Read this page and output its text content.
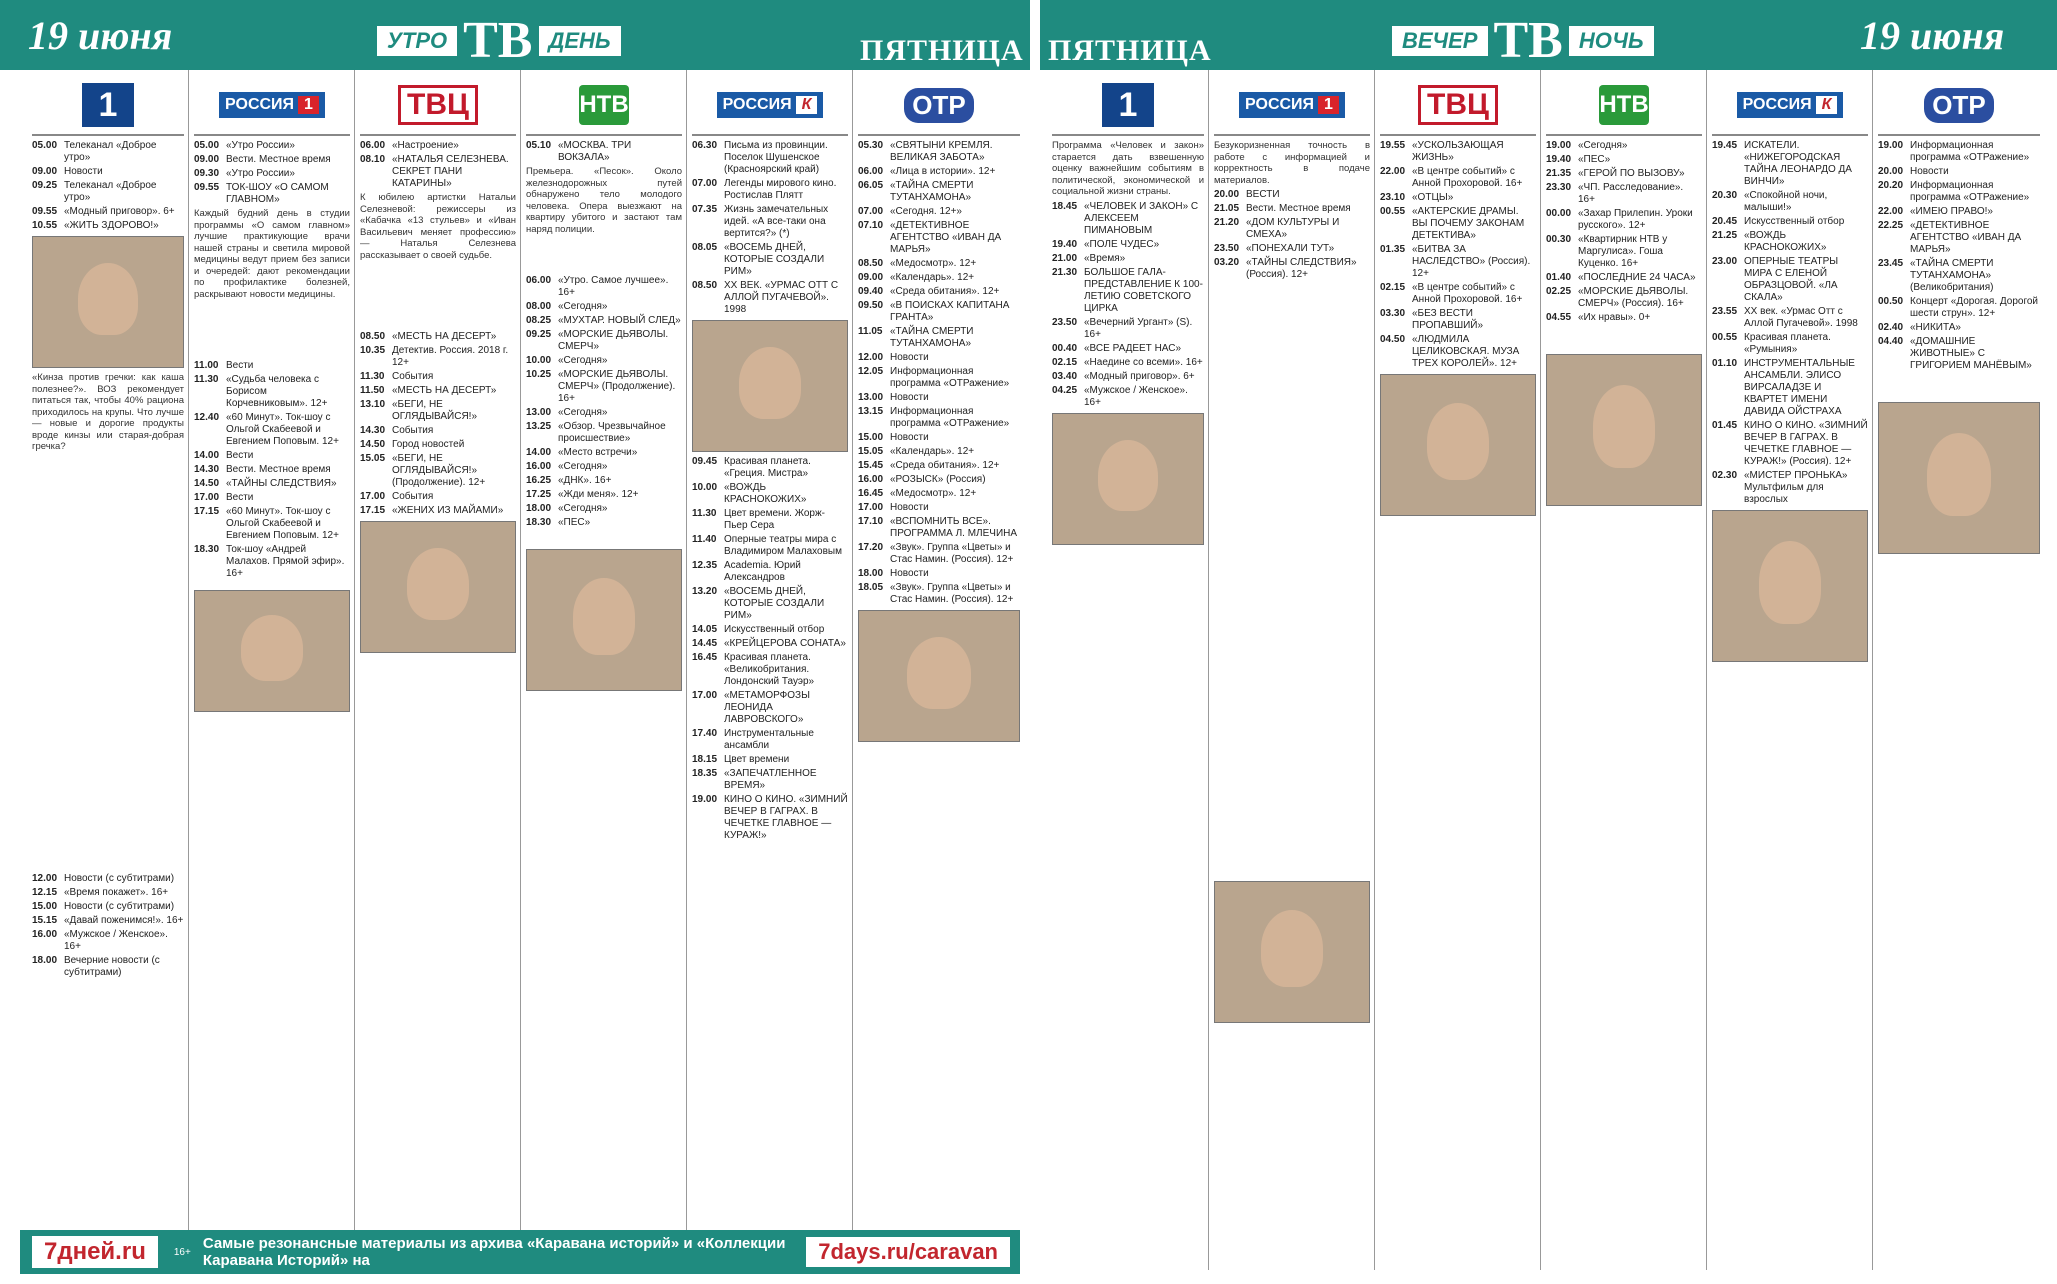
19 июня	УТРО ТВ ДЕНЬ	ПЯТНИЦА ПЯТНИЦА	ВЕЧЕР ТВ НОЧЬ	19 июня
1
05.00 Телеканал «Доброе утро»
09.00 Новости
09.25 Телеканал «Доброе утро»
09.55 «Модный приговор». 6+
10.55 «ЖИТЬ ЗДОРОВО!»
«Кинза против гречки: как каша полезнее?». ВОЗ рекомендует питаться так, чтобы 40% рациона приходилось на крупы. Что лучше — новые и дорогие продукты вроде кинзы или старая-добрая гречка?
12.00 Новости (с субтитрами)
12.15 «Время покажет». 16+
15.00 Новости (с субтитрами)
15.15 «Давай поженимся!». 16+
16.00 «Мужское / Женское». 16+
18.00 Вечерние новости (с субтитрами)
РОССИЯ 1
05.00 «Утро России»
09.00 Вести. Местное время
09.30 «Утро России»
09.55 ТОК-ШОУ «О САМОМ ГЛАВНОМ»
Каждый будний день в студии программы «О самом главном» лучшие практикующие врачи нашей страны и светила мировой медицины ведут прием без записи и очередей: дают рекомендации по профилактике болезней, раскрывают новости медицины.
11.00 Вести
11.30 «Судьба человека с Борисом Корчевниковым». 12+
12.40 «60 Минут». Ток-шоу с Ольгой Скабеевой и Евгением Поповым. 12+
14.00 Вести
14.30 Вести. Местное время
14.50 «ТАЙНЫ СЛЕДСТВИЯ»
17.00 Вести
17.15 «60 Минут». Ток-шоу с Ольгой Скабеевой и Евгением Поповым. 12+
18.30 Ток-шоу «Андрей Малахов. Прямой эфир». 16+
ТВЦ
06.00 «Настроение»
08.10 «НАТАЛЬЯ СЕЛЕЗНЕВА. СЕКРЕТ ПАНИ КАТАРИНЫ»
К юбилею артистки Натальи Селезневой: режиссеры из «Кабачка «13 стульев» и «Иван Васильевич меняет профессию» — Наталья Селезнева рассказывает о своей судьбе.
08.50 «МЕСТЬ НА ДЕСЕРТ»
10.35 Детектив. Россия. 2018 г. 12+
11.30 События
11.50 «МЕСТЬ НА ДЕСЕРТ»
13.10 «БЕГИ, НЕ ОГЛЯДЫВАЙСЯ!»
14.30 События
14.50 Город новостей
15.05 «БЕГИ, НЕ ОГЛЯДЫВАЙСЯ!» (Продолжение). 12+
17.00 События
17.15 «ЖЕНИХ ИЗ МАЙАМИ»
НТВ
05.10 «МОСКВА. ТРИ ВОКЗАЛА»
Премьера. «Песок». Около железнодорожных путей обнаружено тело молодого человека. Опера выезжают на квартиру убитого и застают там наряд полиции.
06.00 «Утро. Самое лучшее». 16+
08.00 «Сегодня»
08.25 «МУХТАР. НОВЫЙ СЛЕД»
09.25 «МОРСКИЕ ДЬЯВОЛЫ. СМЕРЧ»
10.00 «Сегодня»
10.25 «МОРСКИЕ ДЬЯВОЛЫ. СМЕРЧ» (Продолжение). 16+
13.00 «Сегодня»
13.25 «Обзор. Чрезвычайное происшествие»
14.00 «Место встречи»
16.00 «Сегодня»
16.25 «ДНК». 16+
17.25 «Жди меня». 12+
18.00 «Сегодня»
18.30 «ПЕС»
РОССИЯ К
06.30 Письма из провинции. Поселок Шушенское (Красноярский край)
07.00 Легенды мирового кино. Ростислав Плятт
07.35 Жизнь замечательных идей. «А все-таки она вертится?» (*)
08.05 «ВОСЕМЬ ДНЕЙ, КОТОРЫЕ СОЗДАЛИ РИМ»
08.50 ХХ ВЕК. «УРМАС ОТТ С АЛЛОЙ ПУГАЧЕВОЙ». 1998
09.45 Красивая планета. «Греция. Мистра»
10.00 «ВОЖДЬ КРАСНОКОЖИХ»
11.30 Цвет времени. Жорж-Пьер Сера
11.40 Оперные театры мира с Владимиром Малаховым
12.35 Academia. Юрий Александров
13.20 «ВОСЕМЬ ДНЕЙ, КОТОРЫЕ СОЗДАЛИ РИМ»
14.05 Искусственный отбор
14.45 «КРЕЙЦЕРОВА СОНАТА»
16.45 Красивая планета. «Великобритания. Лондонский Тауэр»
17.00 «МЕТАМОРФОЗЫ ЛЕОНИДА ЛАВРОВСКОГО»
17.40 Инструментальные ансамбли
18.15 Цвет времени
18.35 «ЗАПЕЧАТЛЕННОЕ ВРЕМЯ»
19.00 КИНО О КИНО. «ЗИМНИЙ ВЕЧЕР В ГАГРАХ. В ЧЕЧЕТКЕ ГЛАВНОЕ — КУРАЖ!»
ОТР
05.30 «СВЯТЫНИ КРЕМЛЯ. ВЕЛИКАЯ ЗАБОТА»
06.00 «Лица в истории». 12+
06.05 «ТАЙНА СМЕРТИ ТУТАНХАМОНА»
07.00 «Сегодня. 12+»
07.10 «ДЕТЕКТИВНОЕ АГЕНТСТВО «ИВАН ДА МАРЬЯ»
08.50 «Медосмотр». 12+
09.00 «Календарь». 12+
09.40 «Среда обитания». 12+
09.50 «В ПОИСКАХ КАПИТАНА ГРАНТА»
11.05 «ТАЙНА СМЕРТИ ТУТАНХАМОНА»
12.00 Новости
12.05 Информационная программа «ОТРажение»
13.00 Новости
13.15 Информационная программа «ОТРажение»
15.00 Новости
15.05 «Календарь». 12+
15.45 «Среда обитания». 12+
16.00 «РОЗЫСК» (Россия)
16.45 «Медосмотр». 12+
17.00 Новости
17.10 «ВСПОМНИТЬ ВСЕ». ПРОГРАММА Л. МЛЕЧИНА
17.20 «Звук». Группа «Цветы» и Стас Намин. (Россия). 12+
18.00 Новости
18.05 «Звук». Группа «Цветы» и Стас Намин. (Россия). 12+
1
Программа «Человек и закон» старается дать взвешенную оценку важнейшим событиям в политической, экономической и социальной жизни страны.
18.45 «ЧЕЛОВЕК И ЗАКОН» С АЛЕКСЕЕМ ПИМАНОВЫМ
19.40 «ПОЛЕ ЧУДЕС»
21.00 «Время»
21.30 БОЛЬШОЕ ГАЛА-ПРЕДСТАВЛЕНИЕ К 100-ЛЕТИЮ СОВЕТСКОГО ЦИРКА
23.50 «Вечерний Ургант» (S). 16+
00.40 «ВСЕ РАДЕЕТ НАС»
02.15 «Наедине со всеми». 16+
03.40 «Модный приговор». 6+
04.25 «Мужское / Женское». 16+
РОССИЯ 1
Безукоризненная точность в работе с информацией и корректность в подаче материалов.
20.00 ВЕСТИ
21.05 Вести. Местное время
21.20 «ДОМ КУЛЬТУРЫ И СМЕХА»
23.50 «ПОНЕХАЛИ ТУТ»
03.20 «ТАЙНЫ СЛЕДСТВИЯ» (Россия). 12+
ТВЦ
19.55 «УСКОЛЬЗАЮЩАЯ ЖИЗНЬ»
22.00 «В центре событий» с Анной Прохоровой. 16+
23.10 «ОТЦЫ»
00.55 «АКТЕРСКИЕ ДРАМЫ. ВЫ ПОЧЕМУ ЗАКОНАМ ДЕТЕКТИВА»
01.35 «БИТВА ЗА НАСЛЕДСТВО» (Россия). 12+
02.15 «В центре событий» с Анной Прохоровой. 16+
03.30 «БЕЗ ВЕСТИ ПРОПАВШИЙ»
04.50 «ЛЮДМИЛА ЦЕЛИКОВСКАЯ. МУЗА ТРЕХ КОРОЛЕЙ». 12+
НТВ
19.00 «Сегодня»
19.40 «ПЕС»
21.35 «ГЕРОЙ ПО ВЫЗОВУ»
23.30 «ЧП. Расследование». 16+
00.00 «Захар Прилепин. Уроки русского». 12+
00.30 «Квартирник НТВ у Маргулиса». Гоша Куценко. 16+
01.40 «ПОСЛЕДНИЕ 24 ЧАСА»
02.25 «МОРСКИЕ ДЬЯВОЛЫ. СМЕРЧ» (Россия). 16+
04.55 «Их нравы». 0+
РОССИЯ К
19.45 ИСКАТЕЛИ. «НИЖЕГОРОДСКАЯ ТАЙНА ЛЕОНАРДО ДА ВИНЧИ»
20.30 «Спокойной ночи, малыши!»
20.45 Искусственный отбор
21.25 «ВОЖДЬ КРАСНОКОЖИХ»
23.00 ОПЕРНЫЕ ТЕАТРЫ МИРА С ЕЛЕНОЙ ОБРАЗЦОВОЙ. «ЛА СКАЛА»
23.55 ХХ век. «Урмас Отт с Аллой Пугачевой». 1998
00.55 Красивая планета. «Румыния»
01.10 ИНСТРУМЕНТАЛЬНЫЕ АНСАМБЛИ. ЭЛИСО ВИРСАЛАДЗЕ И КВАРТЕТ ИМЕНИ ДАВИДА ОЙСТРАХА
01.45 КИНО О КИНО. «ЗИМНИЙ ВЕЧЕР В ГАГРАХ. В ЧЕЧЕТКЕ ГЛАВНОЕ — КУРАЖ!» (Россия). 12+
02.30 «МИСТЕР ПРОНЬКА» Мультфильм для взрослых
ОТР
19.00 Информационная программа «ОТРажение»
20.00 Новости
20.20 Информационная программа «ОТРажение»
22.00 «ИМЕЮ ПРАВО!»
22.25 «ДЕТЕКТИВНОЕ АГЕНТСТВО «ИВАН ДА МАРЬЯ»
23.45 «ТАЙНА СМЕРТИ ТУТАНХАМОНА» (Великобритания)
00.50 Концерт «Дорогая. Дорогой шести струн». 12+
02.40 «НИКИТА»
04.40 «ДОМАШНИЕ ЖИВОТНЫЕ» С ГРИГОРИЕМ МАНЁВЫМ»
7дней.ru	16+ Самые резонансные материалы из архива «Каравана историй» и «Коллекции Каравана Историй» на	7days.ru/caravan
